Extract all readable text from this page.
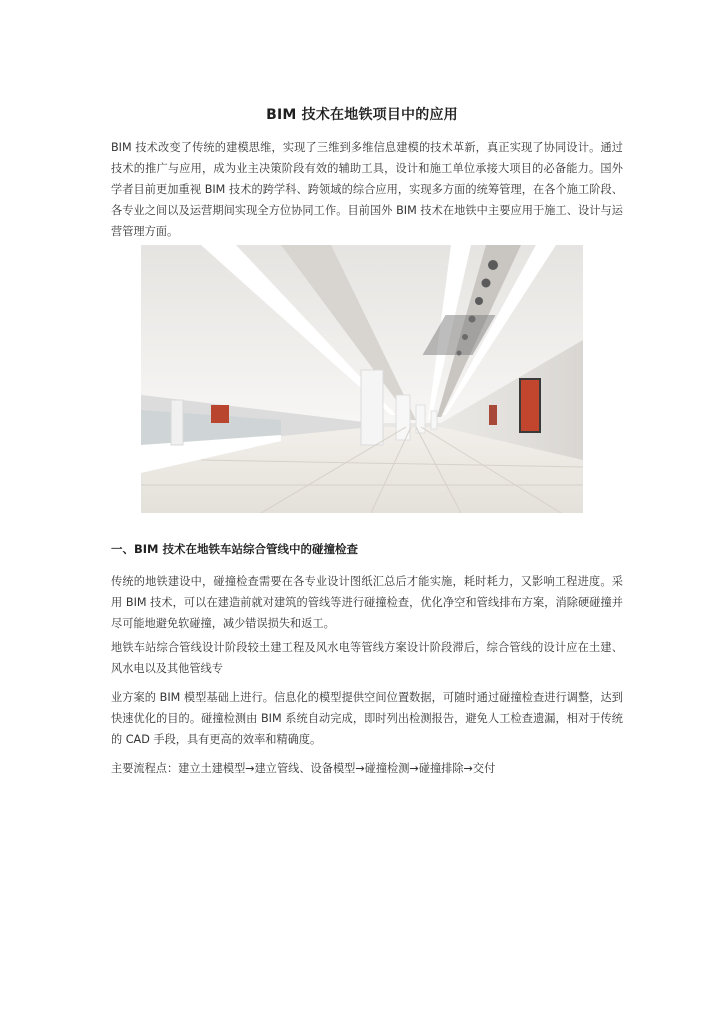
BIM 技术在地铁项目中的应用

BIM 技术改变了传统的建模思维，实现了三维到多维信息建模的技术革新，真正实现了协同设计。通过技术的推广与应用，成为业主决策阶段有效的辅助工具，设计和施工单位承接大项目的必备能力。国外学者目前更加重视 BIM 技术的跨学科、跨领域的综合应用，实现多方面的统筹管理，在各个施工阶段、各专业之间以及运营期间实现全方位协同工作。目前国外 BIM 技术在地铁中主要应用于施工、设计与运营管理方面。

一、BIM 技术在地铁车站综合管线中的碰撞检查

传统的地铁建设中，碰撞检查需要在各专业设计图纸汇总后才能实施，耗时耗力，又影响工程进度。采用 BIM 技术，可以在建造前就对建筑的管线等进行碰撞检查，优化净空和管线排布方案，消除硬碰撞并尽可能地避免软碰撞，减少错误损失和返工。

地铁车站综合管线设计阶段较土建工程及风水电等管线方案设计阶段滞后，综合管线的设计应在土建、风水电以及其他管线专

业方案的 BIM 模型基础上进行。信息化的模型提供空间位置数据，可随时通过碰撞检查进行调整，达到快速优化的目的。碰撞检测由 BIM 系统自动完成，即时列出检测报告，避免人工检查遗漏，相对于传统的 CAD 手段，具有更高的效率和精确度。

主要流程点：建立土建模型→建立管线、设备模型→碰撞检测→碰撞排除→交付
